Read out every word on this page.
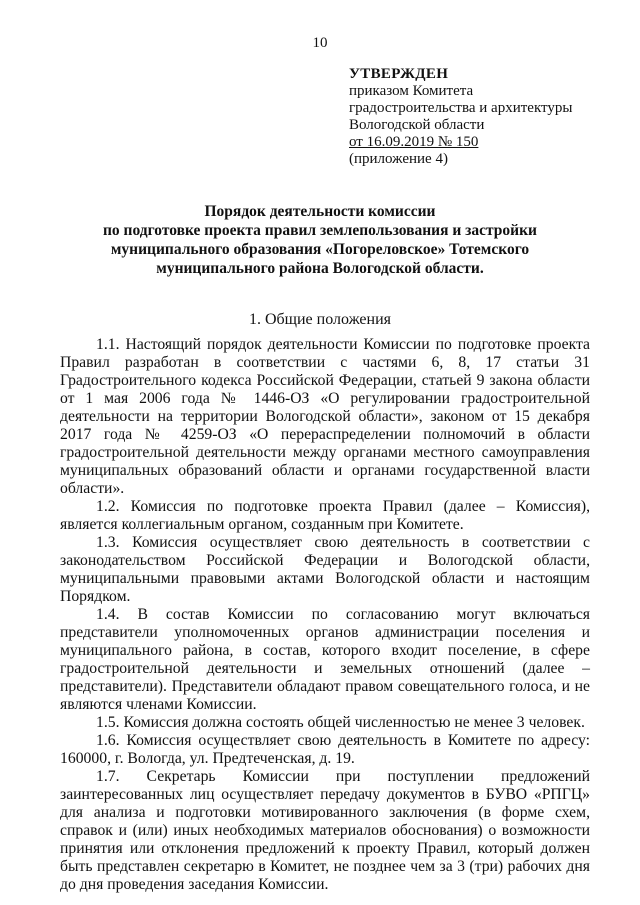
10
УТВЕРЖДЕН
приказом Комитета
градостроительства и архитектуры
Вологодской области
от 16.09.2019 № 150
(приложение 4)
Порядок деятельности комиссии
по подготовке проекта правил землепользования и застройки
муниципального образования «Погореловское» Тотемского
муниципального района Вологодской области.
1. Общие положения

1.1. Настоящий порядок деятельности Комиссии по подготовке проекта Правил разработан в соответствии с частями 6, 8, 17 статьи 31 Градостроительного кодекса Российской Федерации, статьей 9 закона области от 1 мая 2006 года № 1446-ОЗ «О регулировании градостроительной деятельности на территории Вологодской области», законом от 15 декабря 2017 года № 4259-ОЗ «О перераспределении полномочий в области градостроительной деятельности между органами местного самоуправления муниципальных образований области и органами государственной власти области».

1.2. Комиссия по подготовке проекта Правил (далее – Комиссия), является коллегиальным органом, созданным при Комитете.

1.3. Комиссия осуществляет свою деятельность в соответствии с законодательством Российской Федерации и Вологодской области, муниципальными правовыми актами Вологодской области и настоящим Порядком.

1.4. В состав Комиссии по согласованию могут включаться представители уполномоченных органов администрации поселения и муниципального района, в состав, которого входит поселение, в сфере градостроительной деятельности и земельных отношений (далее – представители). Представители обладают правом совещательного голоса, и не являются членами Комиссии.

1.5. Комиссия должна состоять общей численностью не менее 3 человек.

1.6. Комиссия осуществляет свою деятельность в Комитете по адресу: 160000, г. Вологда, ул. Предтеченская, д. 19.

1.7. Секретарь Комиссии при поступлении предложений заинтересованных лиц осуществляет передачу документов в БУВО «РПГЦ» для анализа и подготовки мотивированного заключения (в форме схем, справок и (или) иных необходимых материалов обоснования) о возможности принятия или отклонения предложений к проекту Правил, который должен быть представлен секретарю в Комитет, не позднее чем за 3 (три) рабочих дня до дня проведения заседания Комиссии.
